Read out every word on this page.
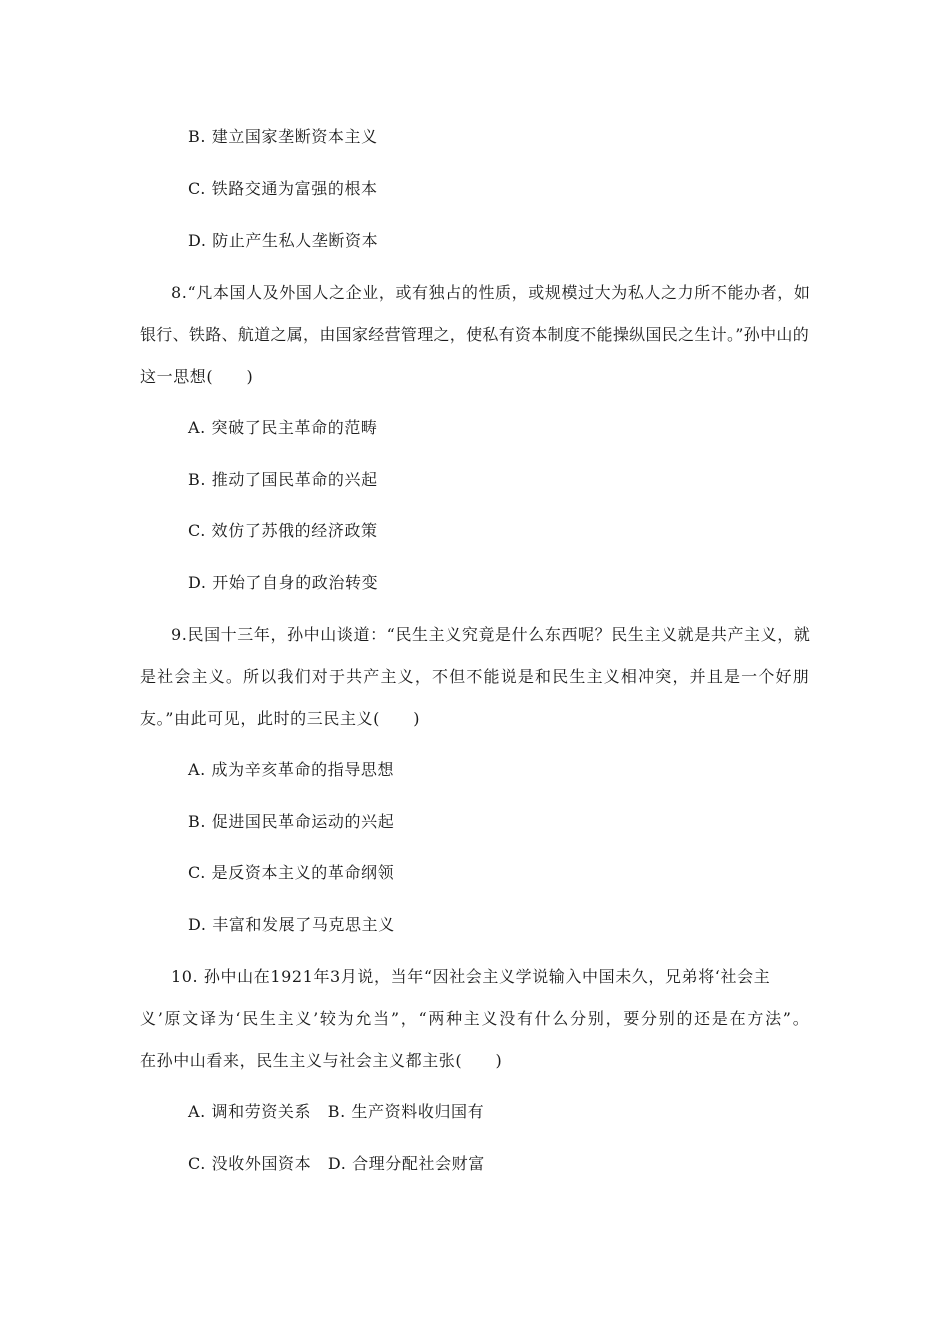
B. 建立国家垄断资本主义
C. 铁路交通为富强的根本
D. 防止产生私人垄断资本
8.“凡本国人及外国人之企业，或有独占的性质，或规模过大为私人之力所不能办者，如
银行、铁路、航道之属，由国家经营管理之，使私有资本制度不能操纵国民之生计。”孙中山的
这一思想(　　)
A. 突破了民主革命的范畴
B. 推动了国民革命的兴起
C. 效仿了苏俄的经济政策
D. 开始了自身的政治转变
9.民国十三年，孙中山谈道：“民生主义究竟是什么东西呢？民生主义就是共产主义，就
是社会主义。所以我们对于共产主义，不但不能说是和民生主义相冲突，并且是一个好朋
友。”由此可见，此时的三民主义(　　)
A. 成为辛亥革命的指导思想
B. 促进国民革命运动的兴起
C. 是反资本主义的革命纲领
D. 丰富和发展了马克思主义
10. 孙中山在1921年3月说，当年“因社会主义学说输入中国未久，兄弟将‘社会主
义’原文译为‘民生主义’较为允当”，“两种主义没有什么分别，要分别的还是在方法”。
在孙中山看来，民生主义与社会主义都主张(　　)
A. 调和劳资关系　B. 生产资料收归国有
C. 没收外国资本　D. 合理分配社会财富
